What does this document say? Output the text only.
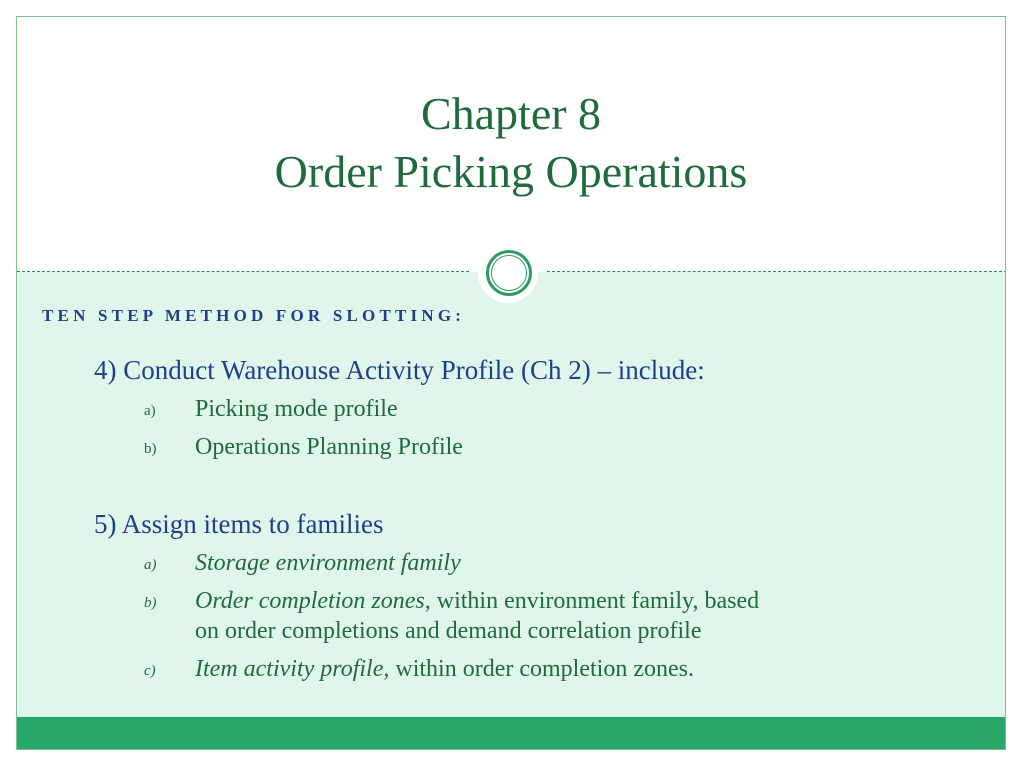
Chapter 8
Order Picking Operations
TEN STEP METHOD FOR SLOTTING:
4) Conduct Warehouse Activity Profile (Ch 2) – include:
a) Picking mode profile
b) Operations Planning Profile
5) Assign items to families
a) Storage environment family
b) Order completion zones, within environment family, based
on order completions and demand correlation profile
c) Item activity profile, within order completion zones.
